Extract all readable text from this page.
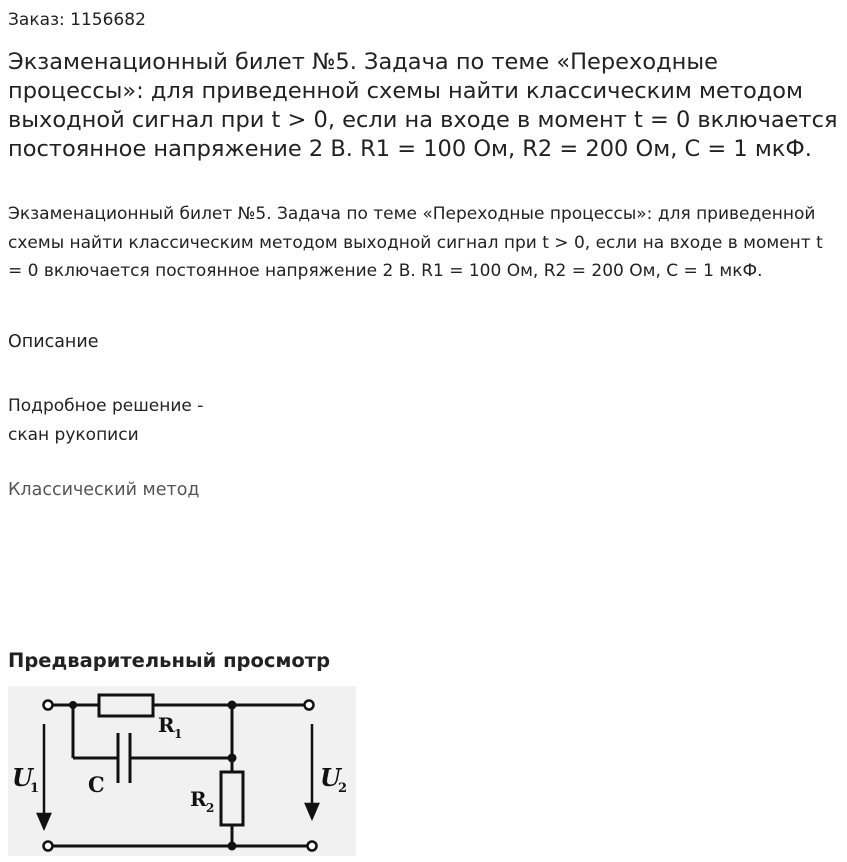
Заказ: 1156682
Экзаменационный билет №5. Задача по теме «Переходные процессы»: для приведенной схемы найти классическим методом выходной сигнал при t > 0, если на входе в момент t = 0 включается постоянное напряжение 2 В. R1 = 100 Ом, R2 = 200 Ом, С = 1 мкФ.

Экзаменационный билет №5. Задача по теме «Переходные процессы»: для приведенной схемы найти классическим методом выходной сигнал при t > 0, если на входе в момент t = 0 включается постоянное напряжение 2 В. R1 = 100 Ом, R2 = 200 Ом, С = 1 мкФ.

Описание
Подробное решение -
скан рукописи
Классический метод
Предварительный просмотр
U
1	U
2
C
R 1
R 2
